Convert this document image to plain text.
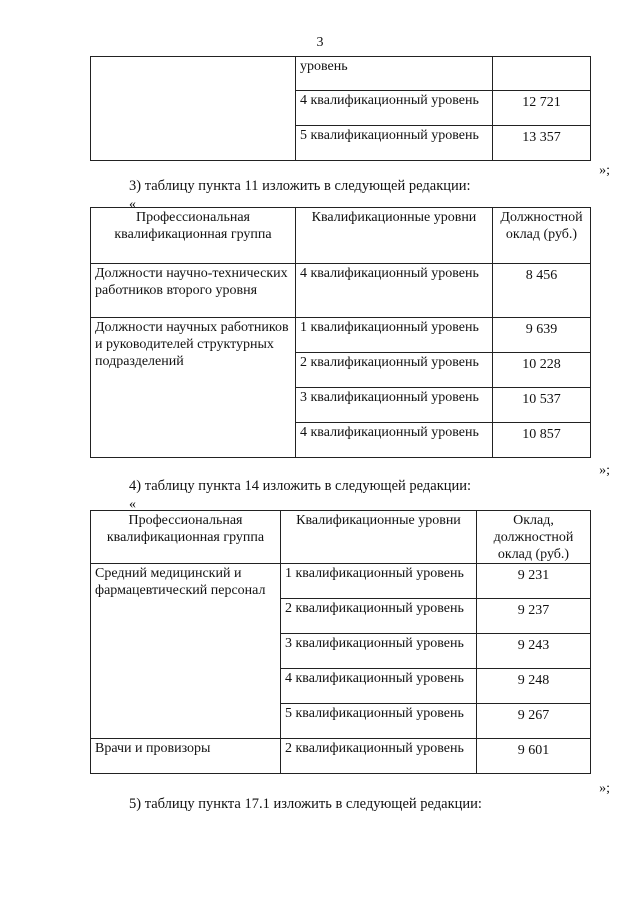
3
	уровень	
	4 квалификационный уровень	12 721
	5 квалификационный уровень	13 357
»;
3) таблицу пункта 11 изложить в следующей редакции:
«
Профессиональная квалификационная группа	Квалификационные уровни	Должностной оклад (руб.)
Должности научно-технических работников второго уровня	4 квалификационный уровень	8 456
Должности научных работников и руководителей структурных подразделений	1 квалификационный уровень	9 639
	2 квалификационный уровень	10 228
	3 квалификационный уровень	10 537
	4 квалификационный уровень	10 857
»;
4) таблицу пункта 14 изложить в следующей редакции:
«
Профессиональная квалификационная группа	Квалификационные уровни	Оклад, должностной оклад (руб.)
Средний медицинский и фармацевтический персонал	1 квалификационный уровень	9 231
	2 квалификационный уровень	9 237
	3 квалификационный уровень	9 243
	4 квалификационный уровень	9 248
	5 квалификационный уровень	9 267
Врачи и провизоры	2 квалификационный уровень	9 601
»;
5) таблицу пункта 17.1 изложить в следующей редакции:
